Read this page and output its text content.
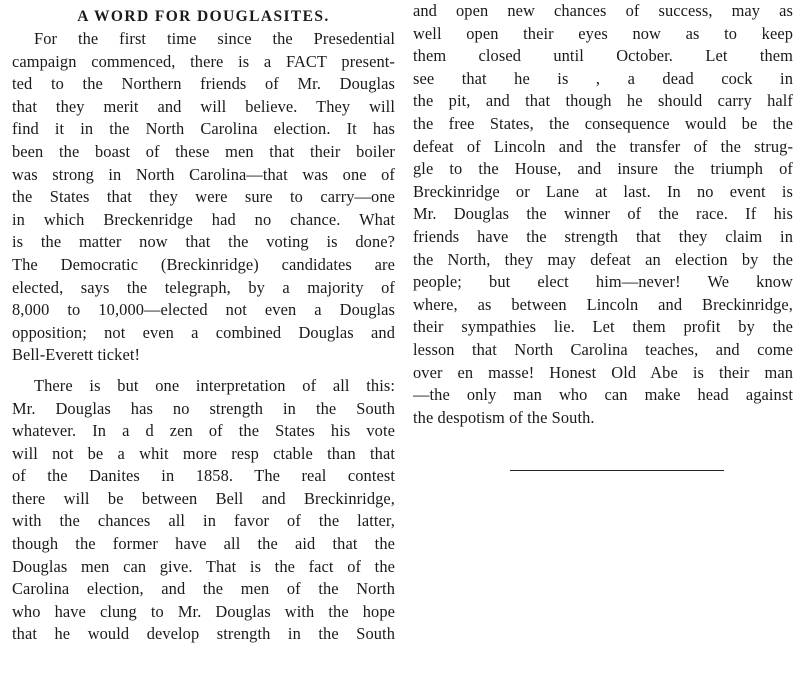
A WORD FOR DOUGLASITES.
For the first time since the Presedential
campaign commenced, there is a FACT present-
ted to the Northern friends of Mr. Douglas
that they merit and will believe. They will
find it in the North Carolina election. It has
been the boast of these men that their boiler
was strong in North Carolina—that was one of
the States that they were sure to carry—one
in which Breckenridge had no chance. What
is the matter now that the voting is done?
The Democratic (Breckinridge) candidates are
elected, says the telegraph, by a majority of
8,000 to 10,000—elected not even a Douglas
opposition; not even a combined Douglas and
Bell-Everett ticket!
There is but one interpretation of all this:
Mr. Douglas has no strength in the South
whatever. In a d zen of the States his vote
will not be a whit more resp ctable than that
of the Danites in 1858. The real contest
there will be between Bell and Breckinridge,
with the chances all in favor of the latter,
though the former have all the aid that the
Douglas men can give. That is the fact of the
Carolina election, and the men of the North
who have clung to Mr. Douglas with the hope
that he would develop strength in the South
and open new chances of success, may as
well open their eyes now as to keep
them closed until October. Let them
see that he is , a dead cock in
the pit, and that though he should carry half
the free States, the consequence would be the
defeat of Lincoln and the transfer of the strug-
gle to the House, and insure the triumph of
Breckinridge or Lane at last. In no event is
Mr. Douglas the winner of the race. If his
friends have the strength that they claim in
the North, they may defeat an election by the
people; but elect him—never! We know
where, as between Lincoln and Breckinridge,
their sympathies lie. Let them profit by the
lesson that North Carolina teaches, and come
over en masse! Honest Old Abe is their man
—the only man who can make head against
the despotism of the South.
